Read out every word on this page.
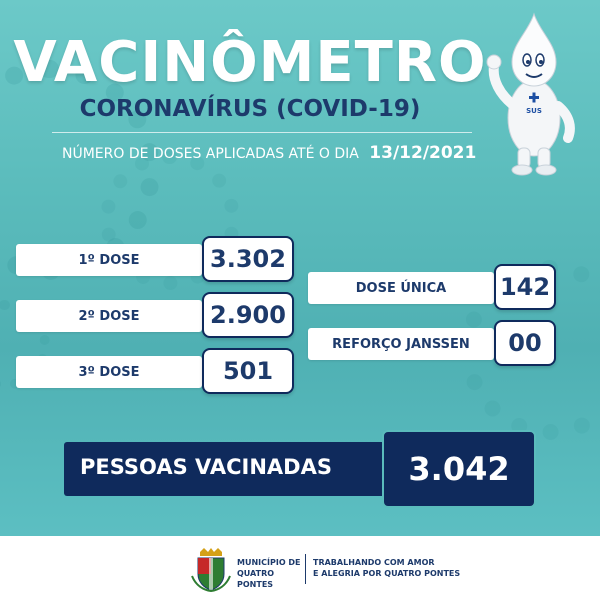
VACINÔMETRO
CORONAVÍRUS (COVID-19)
NÚMERO DE DOSES APLICADAS ATÉ O DIA 13/12/2021
SUS
1º DOSE	3.302
2º DOSE	2.900
3º DOSE	501
DOSE ÚNICA	142
REFORÇO JANSSEN	00
PESSOAS VACINADAS	3.042
MUNICÍPIO DE
QUATRO PONTES
TRABALHANDO COM AMOR
E ALEGRIA POR QUATRO PONTES
